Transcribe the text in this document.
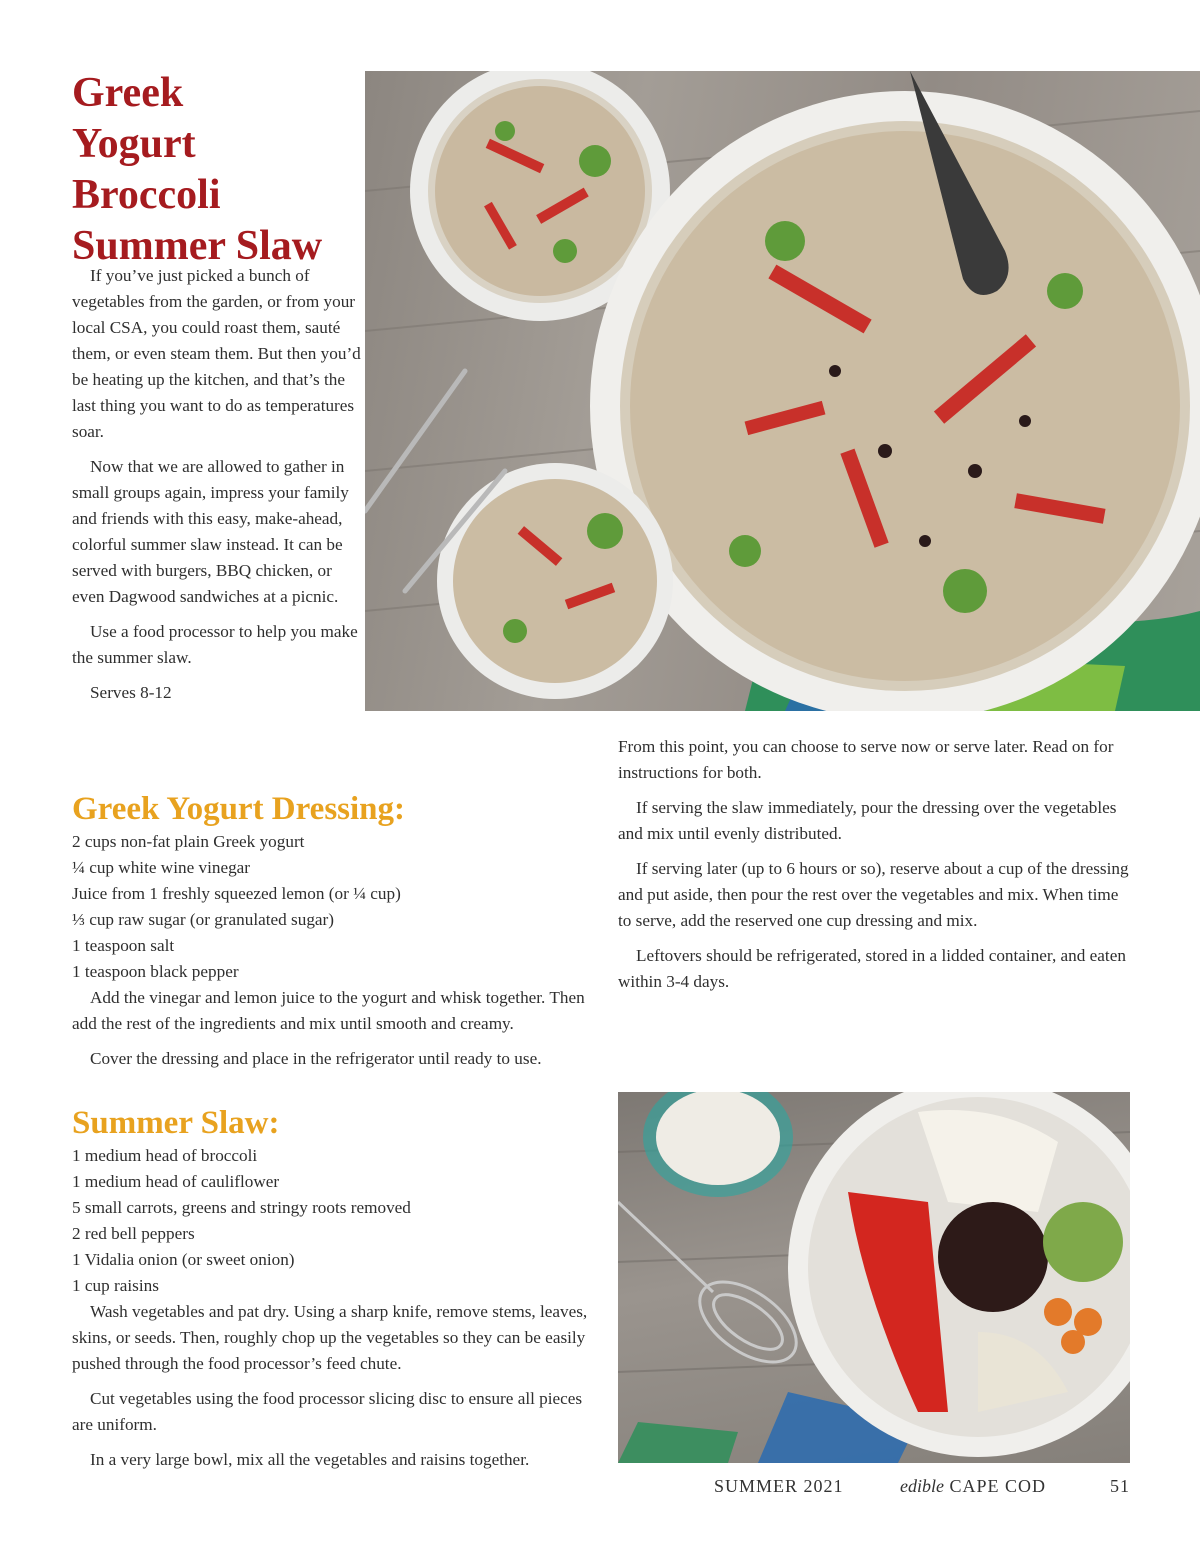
Greek
Yogurt
Broccoli
Summer Slaw

If you’ve just picked a bunch of vegetables from the garden, or from your local CSA, you could roast them, sauté them, or even steam them. But then you’d be heating up the kitchen, and that’s the last thing you want to do as temperatures soar.

Now that we are allowed to gather in small groups again, impress your family and friends with this easy, make-ahead, colorful summer slaw instead. It can be served with burgers, BBQ chicken, or even Dagwood sandwiches at a picnic.

Use a food processor to help you make the summer slaw.

Serves 8-12

Greek Yogurt Dressing:
2 cups non-fat plain Greek yogurt
¼ cup white wine vinegar
Juice from 1 freshly squeezed lemon (or ¼ cup)
⅓ cup raw sugar (or granulated sugar)
1 teaspoon salt
1 teaspoon black pepper

Add the vinegar and lemon juice to the yogurt and whisk together. Then add the rest of the ingredients and mix until smooth and creamy.

Cover the dressing and place in the refrigerator until ready to use.

Summer Slaw:
1 medium head of broccoli
1 medium head of cauliflower
5 small carrots, greens and stringy roots removed
2 red bell peppers
1 Vidalia onion (or sweet onion)
1 cup raisins

Wash vegetables and pat dry. Using a sharp knife, remove stems, leaves, skins, or seeds. Then, roughly chop up the vegetables so they can be easily pushed through the food processor’s feed chute.

Cut vegetables using the food processor slicing disc to ensure all pieces are uniform.

In a very large bowl, mix all the vegetables and raisins together.

From this point, you can choose to serve now or serve later. Read on for instructions for both.

If serving the slaw immediately, pour the dressing over the vegetables and mix until evenly distributed.

If serving later (up to 6 hours or so), reserve about a cup of the dressing and put aside, then pour the rest over the vegetables and mix. When time to serve, add the reserved one cup dressing and mix.

Leftovers should be refrigerated, stored in a lidded container, and eaten within 3-4 days.

SUMMER 2021	edible CAPE COD	51
